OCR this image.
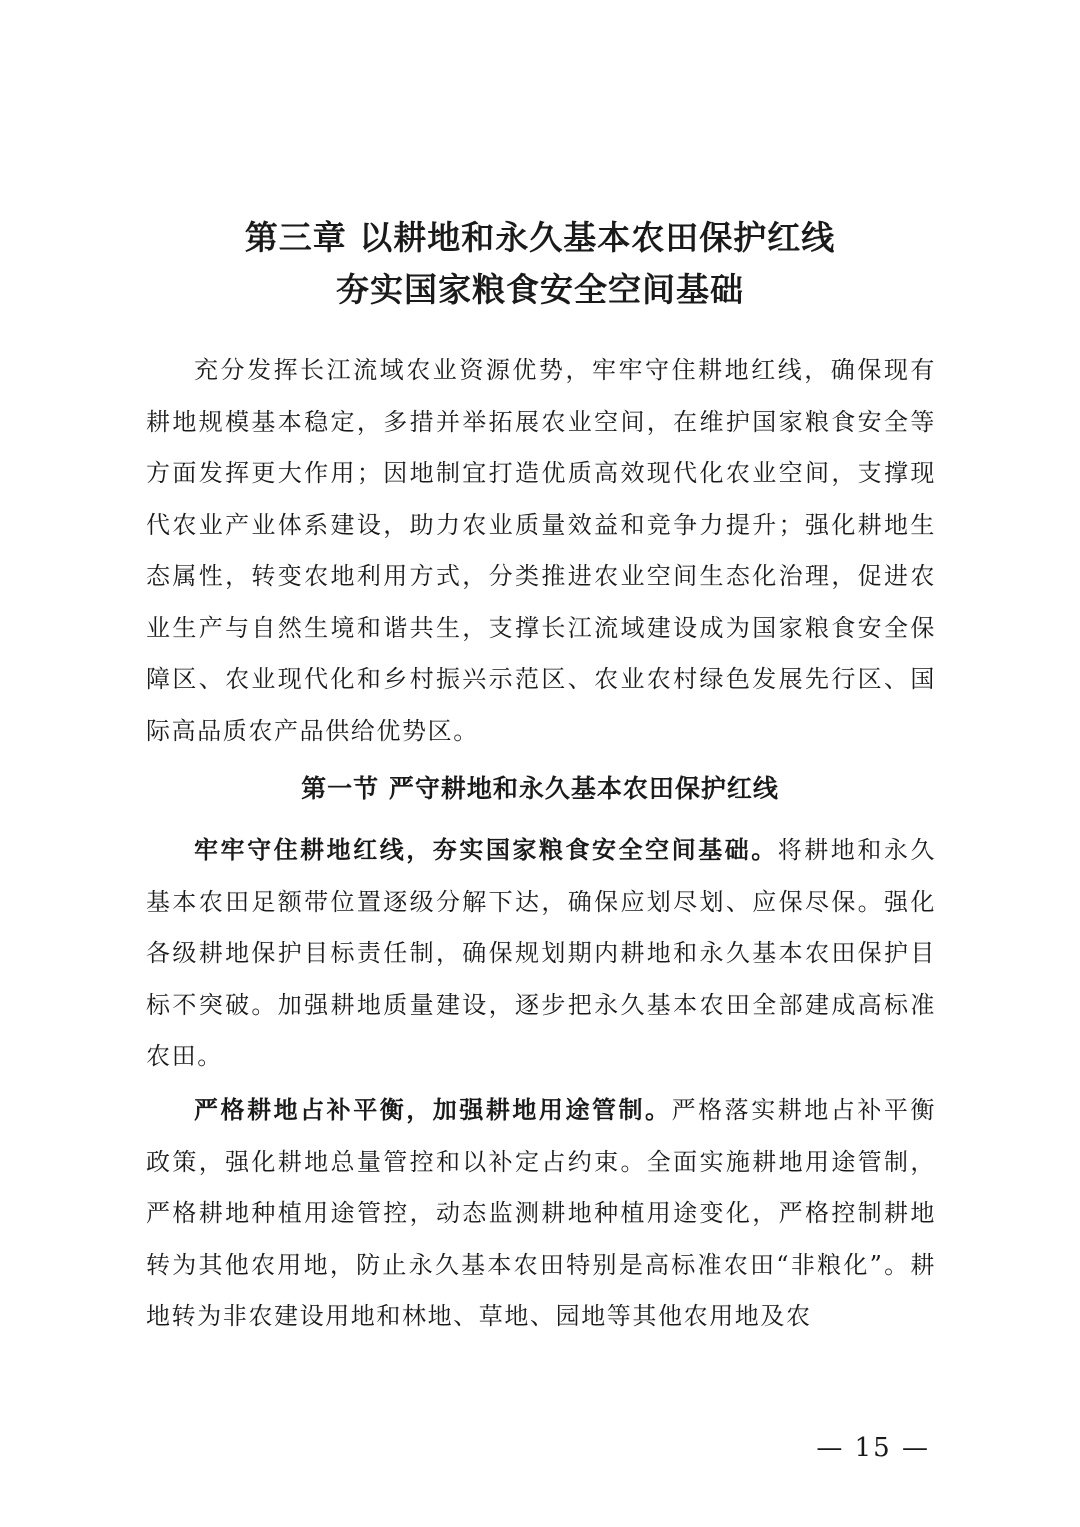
第三章 以耕地和永久基本农田保护红线
夯实国家粮食安全空间基础

充分发挥长江流域农业资源优势，牢牢守住耕地红线，确保现有耕地规模基本稳定，多措并举拓展农业空间，在维护国家粮食安全等方面发挥更大作用；因地制宜打造优质高效现代化农业空间，支撑现代农业产业体系建设，助力农业质量效益和竞争力提升；强化耕地生态属性，转变农地利用方式，分类推进农业空间生态化治理，促进农业生产与自然生境和谐共生，支撑长江流域建设成为国家粮食安全保障区、农业现代化和乡村振兴示范区、农业农村绿色发展先行区、国际高品质农产品供给优势区。

第一节 严守耕地和永久基本农田保护红线

牢牢守住耕地红线，夯实国家粮食安全空间基础。将耕地和永久基本农田足额带位置逐级分解下达，确保应划尽划、应保尽保。强化各级耕地保护目标责任制，确保规划期内耕地和永久基本农田保护目标不突破。加强耕地质量建设，逐步把永久基本农田全部建成高标准农田。

严格耕地占补平衡，加强耕地用途管制。严格落实耕地占补平衡政策，强化耕地总量管控和以补定占约束。全面实施耕地用途管制，严格耕地种植用途管控，动态监测耕地种植用途变化，严格控制耕地转为其他农用地，防止永久基本农田特别是高标准农田“非粮化”。耕地转为非农建设用地和林地、草地、园地等其他农用地及农

— 15 —
